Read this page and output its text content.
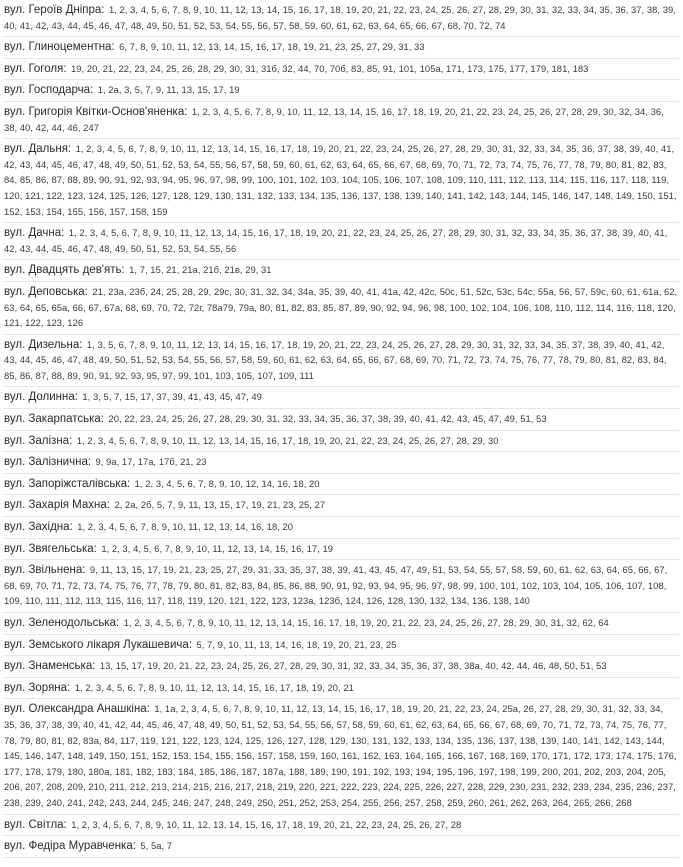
вул. Героїв Дніпра: 1, 2, 3, 4, 5, 6, 7, 8, 9, 10, 11, 12, 13, 14, 15, 16, 17, 18, 19, 20, 21, 22, 23, 24, 25, 26, 27, 28, 29, 30, 31, 32, 33, 34, 35, 36, 37, 38, 39, 40, 41, 42, 43, 44, 45, 46, 47, 48, 49, 50, 51, 52, 53, 54, 55, 56, 57, 58, 59, 60, 61, 62, 63, 64, 65, 66, 67, 68, 70, 72, 74

вул. Глиноцементна: 6, 7, 8, 9, 10, 11, 12, 13, 14, 15, 16, 17, 18, 19, 21, 23, 25, 27, 29, 31, 33

вул. Гоголя: 19, 20, 21, 22, 23, 24, 25, 26, 28, 29, 30, 31, 31б, 32, 44, 70, 70б, 83, 85, 91, 101, 105а, 171, 173, 175, 177, 179, 181, 183

вул. Господарча: 1, 2а, 3, 5, 7, 9, 11, 13, 15, 17, 19

вул. Григорія Квітки-Основ'яненка: 1, 2, 3, 4, 5, 6, 7, 8, 9, 10, 11, 12, 13, 14, 15, 16, 17, 18, 19, 20, 21, 22, 23, 24, 25, 26, 27, 28, 29, 30, 32, 34, 36, 38, 40, 42, 44, 46, 247

вул. Дальня: 1, 2, 3, 4, 5, 6, 7, 8, 9, 10, 11, 12, 13, 14, 15, 16, 17, 18, 19, 20, 21, 22, 23, 24, 25, 26, 27, 28, 29, 30, 31, 32, 33, 34, 35, 36, 37, 38, 39, 40, 41, 42, 43, 44, 45, 46, 47, 48, 49, 50, 51, 52, 53, 54, 55, 56, 57, 58, 59, 60, 61, 62, 63, 64, 65, 66, 67, 68, 69, 70, 71, 72, 73, 74, 75, 76, 77, 78, 79, 80, 81, 82, 83, 84, 85, 86, 87, 88, 89, 90, 91, 92, 93, 94, 95, 96, 97, 98, 99, 100, 101, 102, 103, 104, 105, 106, 107, 108, 109, 110, 111, 112, 113, 114, 115, 116, 117, 118, 119, 120, 121, 122, 123, 124, 125, 126, 127, 128, 129, 130, 131, 132, 133, 134, 135, 136, 137, 138, 139, 140, 141, 142, 143, 144, 145, 146, 147, 148, 149, 150, 151, 152, 153, 154, 155, 156, 157, 158, 159

вул. Дачна: 1, 2, 3, 4, 5, 6, 7, 8, 9, 10, 11, 12, 13, 14, 15, 16, 17, 18, 19, 20, 21, 22, 23, 24, 25, 26, 27, 28, 29, 30, 31, 32, 33, 34, 35, 36, 37, 38, 39, 40, 41, 42, 43, 44, 45, 46, 47, 48, 49, 50, 51, 52, 53, 54, 55, 56

вул. Двадцять дев'ять: 1, 7, 15, 21, 21а, 21б, 21в, 29, 31

вул. Деповська: 21, 23а, 23б, 24, 25, 28, 29, 29с, 30, 31, 32, 34, 34а, 35, 39, 40, 41, 41а, 42, 42с, 50с, 51, 52с, 53с, 54с, 55а, 56, 57, 59с, 60, 61, 61а, 62, 63, 64, 65, 65а, 66, 67, 67а, 68, 69, 70, 72, 72г, 78а79, 79а, 80, 81, 82, 83, 85, 87, 89, 90, 92, 94, 96, 98, 100, 102, 104, 106, 108, 110, 112, 114, 116, 118, 120, 121, 122, 123, 126

вул. Дизельна: 1, 3, 5, 6, 7, 8, 9, 10, 11, 12, 13, 14, 15, 16, 17, 18, 19, 20, 21, 22, 23, 24, 25, 26, 27, 28, 29, 30, 31, 32, 33, 34, 35, 37, 38, 39, 40, 41, 42, 43, 44, 45, 46, 47, 48, 49, 50, 51, 52, 53, 54, 55, 56, 57, 58, 59, 60, 61, 62, 63, 64, 65, 66, 67, 68, 69, 70, 71, 72, 73, 74, 75, 76, 77, 78, 79, 80, 81, 82, 83, 84, 85, 86, 87, 88, 89, 90, 91, 92, 93, 95, 97, 99, 101, 103, 105, 107, 109, 111

вул. Долинна: 1, 3, 5, 7, 15, 17, 37, 39, 41, 43, 45, 47, 49

вул. Закарпатська: 20, 22, 23, 24, 25, 26, 27, 28, 29, 30, 31, 32, 33, 34, 35, 36, 37, 38, 39, 40, 41, 42, 43, 45, 47, 49, 51, 53

вул. Залізна: 1, 2, 3, 4, 5, 6, 7, 8, 9, 10, 11, 12, 13, 14, 15, 16, 17, 18, 19, 20, 21, 22, 23, 24, 25, 26, 27, 28, 29, 30

вул. Залізнична: 9, 9а, 17, 17а, 17б, 21, 23

вул. Запоріжсталівська: 1, 2, 3, 4, 5, 6, 7, 8, 9, 10, 12, 14, 16, 18, 20

вул. Захарія Махна: 2, 2а, 2б, 5, 7, 9, 11, 13, 15, 17, 19, 21, 23, 25, 27

вул. Західна: 1, 2, 3, 4, 5, 6, 7, 8, 9, 10, 11, 12, 13, 14, 16, 18, 20

вул. Звягельська: 1, 2, 3, 4, 5, 6, 7, 8, 9, 10, 11, 12, 13, 14, 15, 16, 17, 19

вул. Звільнена: 9, 11, 13, 15, 17, 19, 21, 23, 25, 27, 29, 31, 33, 35, 37, 38, 39, 41, 43, 45, 47, 49, 51, 53, 54, 55, 57, 58, 59, 60, 61, 62, 63, 64, 65, 66, 67, 68, 69, 70, 71, 72, 73, 74, 75, 76, 77, 78, 79, 80, 81, 82, 83, 84, 85, 86, 88, 90, 91, 92, 93, 94, 95, 96, 97, 98, 99, 100, 101, 102, 103, 104, 105, 106, 107, 108, 109, 110, 111, 112, 113, 115, 116, 117, 118, 119, 120, 121, 122, 123, 123а, 123б, 124, 126, 128, 130, 132, 134, 136, 138, 140

вул. Зеленодольська: 1, 2, 3, 4, 5, 6, 7, 8, 9, 10, 11, 12, 13, 14, 15, 16, 17, 18, 19, 20, 21, 22, 23, 24, 25, 26, 27, 28, 29, 30, 31, 32, 62, 64

вул. Земського лікаря Лукашевича: 5, 7, 9, 10, 11, 13, 14, 16, 18, 19, 20, 21, 23, 25

вул. Знаменська: 13, 15, 17, 19, 20, 21, 22, 23, 24, 25, 26, 27, 28, 29, 30, 31, 32, 33, 34, 35, 36, 37, 38, 38а, 40, 42, 44, 46, 48, 50, 51, 53

вул. Зоряна: 1, 2, 3, 4, 5, 6, 7, 8, 9, 10, 11, 12, 13, 14, 15, 16, 17, 18, 19, 20, 21

вул. Олександра Анашкіна: 1, 1а, 2, 3, 4, 5, 6, 7, 8, 9, 10, 11, 12, 13, 14, 15, 16, 17, 18, 19, 20, 21, 22, 23, 24, 25а, 26, 27, 28, 29, 30, 31, 32, 33, 34, 35, 36, 37, 38, 39, 40, 41, 42, 44, 45, 46, 47, 48, 49, 50, 51, 52, 53, 54, 55, 56, 57, 58, 59, 60, 61, 62, 63, 64, 65, 66, 67, 68, 69, 70, 71, 72, 73, 74, 75, 76, 77, 78, 79, 80, 81, 82, 83а, 84, 117, 119, 121, 122, 123, 124, 125, 126, 127, 128, 129, 130, 131, 132, 133, 134, 135, 136, 137, 138, 139, 140, 141, 142, 143, 144, 145, 146, 147, 148, 149, 150, 151, 152, 153, 154, 155, 156, 157, 158, 159, 160, 161, 162, 163, 164, 165, 166, 167, 168, 169, 170, 171, 172, 173, 174, 175, 176, 177, 178, 179, 180, 180а, 181, 182, 183, 184, 185, 186, 187, 187а, 188, 189, 190, 191, 192, 193, 194, 195, 196, 197, 198, 199, 200, 201, 202, 203, 204, 205, 206, 207, 208, 209, 210, 211, 212, 213, 214, 215, 216, 217, 218, 219, 220, 221, 222, 223, 224, 225, 226, 227, 228, 229, 230, 231, 232, 233, 234, 235, 236, 237, 238, 239, 240, 241, 242, 243, 244, 245, 246, 247, 248, 249, 250, 251, 252, 253, 254, 255, 256, 257, 258, 259, 260, 261, 262, 263, 264, 265, 266, 268

вул. Світла: 1, 2, 3, 4, 5, 6, 7, 8, 9, 10, 11, 12, 13, 14, 15, 16, 17, 18, 19, 20, 21, 22, 23, 24, 25, 26, 27, 28

вул. Федіра Муравченка: 5, 5а, 7
